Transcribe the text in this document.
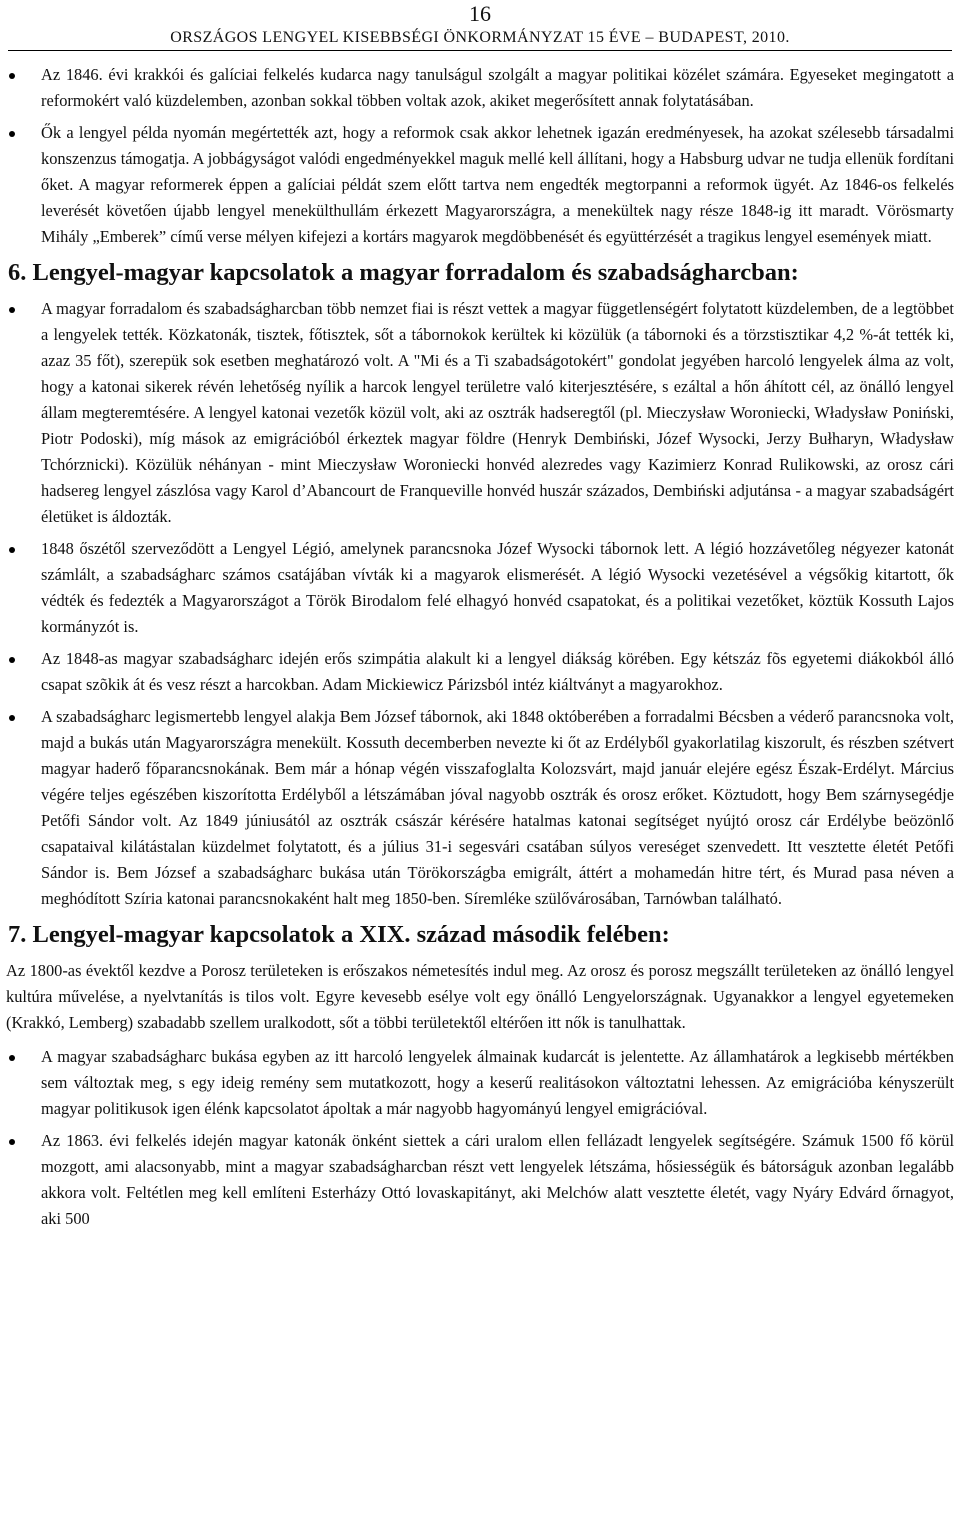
16
ORSZÁGOS LENGYEL KISEBBSÉGI ÖNKORMÁNYZAT 15 ÉVE – BUDAPEST, 2010.
Az 1846. évi krakkói és galíciai felkelés kudarca nagy tanulságul szolgált a magyar politikai közélet számára. Egyeseket megingatott a reformokért való küzdelemben, azonban sokkal többen voltak azok, akiket megerősített annak folytatásában.
Ők a lengyel példa nyomán megértették azt, hogy a reformok csak akkor lehetnek igazán eredményesek, ha azokat szélesebb társadalmi konszenzus támogatja. A jobbágyságot valódi engedményekkel maguk mellé kell állítani, hogy a Habsburg udvar ne tudja ellenük fordítani őket. A magyar reformerek éppen a galíciai példát szem előtt tartva nem engedték megtorpanni a reformok ügyét. Az 1846-os felkelés leverését követően újabb lengyel menekülthullám érkezett Magyarországra, a menekültek nagy része 1848-ig itt maradt. Vörösmarty Mihály „Emberek” című verse mélyen kifejezi a kortárs magyarok megdöbbenését és együttérzését a tragikus lengyel események miatt.
6. Lengyel-magyar kapcsolatok a magyar forradalom és szabadságharcban:
A magyar forradalom és szabadságharcban több nemzet fiai is részt vettek a magyar függetlenségért folytatott küzdelemben, de a legtöbbet a lengyelek tették. Közkatonák, tisztek, főtisztek, sőt a tábornokok kerültek ki közülük (a tábornoki és a törzstisztikar 4,2 %-át tették ki, azaz 35 főt), szerepük sok esetben meghatározó volt. A "Mi és a Ti szabadságotokért" gondolat jegyében harcoló lengyelek álma az volt, hogy a katonai sikerek révén lehetőség nyílik a harcok lengyel területre való kiterjesztésére, s ezáltal a hőn áhított cél, az önálló lengyel állam megteremtésére. A lengyel katonai vezetők közül volt, aki az osztrák hadseregtől (pl. Mieczysław Woroniecki, Władysław Poniński, Piotr Podoski), míg mások az emigrációból érkeztek magyar földre (Henryk Dembiński, Józef Wysocki, Jerzy Bułharyn, Władysław Tchórznicki). Közülük néhányan - mint Mieczysław Woroniecki honvéd alezredes vagy Kazimierz Konrad Rulikowski, az orosz cári hadsereg lengyel zászlósa vagy Karol d’Abancourt de Franqueville honvéd huszár százados, Dembiński adjutánsa - a magyar szabadságért életüket is áldozták.
1848 őszétől szerveződött a Lengyel Légió, amelynek parancsnoka Józef Wysocki tábornok lett. A légió hozzávetőleg négyezer katonát számlált, a szabadságharc számos csatájában vívták ki a magyarok elismerését. A légió Wysocki vezetésével a végsőkig kitartott, ők védték és fedezték a Magyarországot a Török Birodalom felé elhagyó honvéd csapatokat, és a politikai vezetőket, köztük Kossuth Lajos kormányzót is.
Az 1848-as magyar szabadságharc idején erős szimpátia alakult ki a lengyel diákság körében. Egy kétszáz fõs egyetemi diákokból álló csapat szõkik át és vesz részt a harcokban. Adam Mickiewicz Párizsból intéz kiáltványt a magyarokhoz.
A szabadságharc legismertebb lengyel alakja Bem József tábornok, aki 1848 októberében a forradalmi Bécsben a véderő parancsnoka volt, majd a bukás után Magyarországra menekült. Kossuth decemberben nevezte ki őt az Erdélyből gyakorlatilag kiszorult, és részben szétvert magyar haderő főparancsnokának. Bem már a hónap végén visszafoglalta Kolozsvárt, majd január elejére egész Észak-Erdélyt. Március végére teljes egészében kiszorította Erdélyből a létszámában jóval nagyobb osztrák és orosz erőket. Köztudott, hogy Bem szárnysegédje Petőfi Sándor volt. Az 1849 júniusától az osztrák császár kérésére hatalmas katonai segítséget nyújtó orosz cár Erdélybe beözönlő csapataival kilátástalan küzdelmet folytatott, és a július 31-i segesvári csatában súlyos vereséget szenvedett. Itt vesztette életét Petőfi Sándor is. Bem József a szabadságharc bukása után Törökországba emigrált, áttért a mohamedán hitre tért, és Murad pasa néven a meghódított Szíria katonai parancsnokaként halt meg 1850-ben. Síremléke szülővárosában, Tarnówban található.
7. Lengyel-magyar kapcsolatok a XIX. század második felében:

Az 1800-as évektől kezdve a Porosz területeken is erőszakos németesítés indul meg. Az orosz és porosz megszállt területeken az önálló lengyel kultúra művelése, a nyelvtanítás is tilos volt. Egyre kevesebb esélye volt egy önálló Lengyelországnak. Ugyanakkor a lengyel egyetemeken (Krakkó, Lemberg) szabadabb szellem uralkodott, sőt a többi területektől eltérően itt nők is tanulhattak.

A magyar szabadságharc bukása egyben az itt harcoló lengyelek álmainak kudarcát is jelentette. Az államhatárok a legkisebb mértékben sem változtak meg, s egy ideig remény sem mutatkozott, hogy a keserű realitásokon változtatni lehessen. Az emigrációba kényszerült magyar politikusok igen élénk kapcsolatot ápoltak a már nagyobb hagyományú lengyel emigrációval.
Az 1863. évi felkelés idején magyar katonák önként siettek a cári uralom ellen fellázadt lengyelek segítségére. Számuk 1500 fő körül mozgott, ami alacsonyabb, mint a magyar szabadságharcban részt vett lengyelek létszáma, hősiességük és bátorságuk azonban legalább akkora volt. Feltétlen meg kell említeni Esterházy Ottó lovaskapitányt, aki Melchów alatt vesztette életét, vagy Nyáry Edvárd őrnagyot, aki 500
